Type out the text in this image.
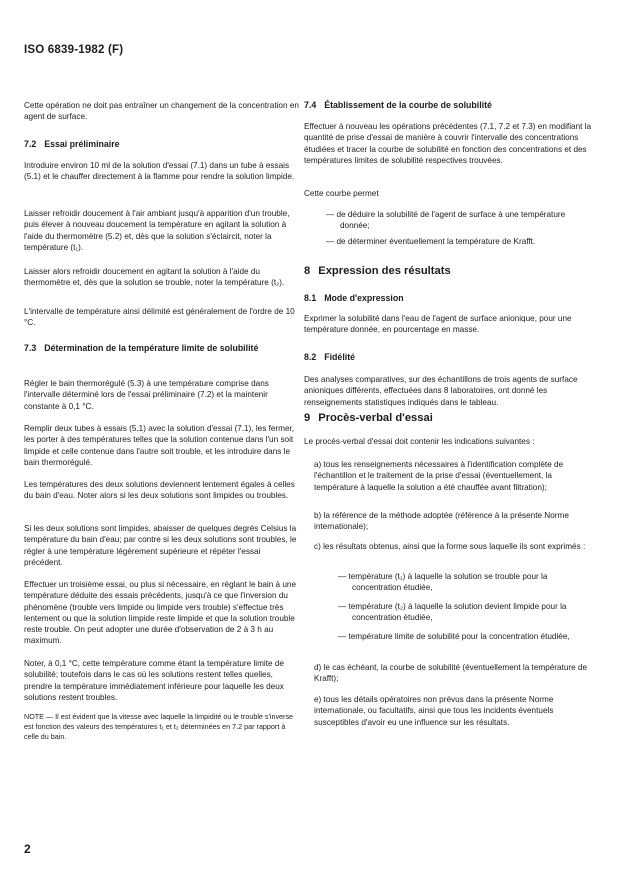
ISO 6839-1982 (F)

Cette opération ne doit pas entraîner un changement de la concentration en agent de surface.

7.2 Essai préliminaire

Introduire environ 10 ml de la solution d'essai (7.1) dans un tube à essais (5.1) et le chauffer directement à la flamme pour rendre la solution limpide.

Laisser refroidir doucement à l'air ambiant jusqu'à apparition d'un trouble, puis élever à nouveau doucement la température en agitant la solution à l'aide du thermomètre (5.2) et, dès que la solution s'éclaircit, noter la température (t₁).

Laisser alors refroidir doucement en agitant la solution à l'aide du thermomètre et, dès que la solution se trouble, noter la température (t₂).

L'intervalle de température ainsi délimité est généralement de l'ordre de 10 °C.

7.3 Détermination de la température limite de solubilité

Régler le bain thermorégulé (5.3) à une température comprise dans l'intervalle déterminé lors de l'essai préliminaire (7.2) et la maintenir constante à 0,1 °C.

Remplir deux tubes à essais (5.1) avec la solution d'essai (7.1), les fermer, les porter à des températures telles que la solution contenue dans l'un soit limpide et celle contenue dans l'autre soit trouble, et les introduire dans le bain thermorégulé.

Les températures des deux solutions deviennent lentement égales à celles du bain d'eau. Noter alors si les deux solutions sont limpides ou troubles.

Si les deux solutions sont limpides, abaisser de quelques degrés Celsius la température du bain d'eau; par contre si les deux solutions sont troubles, le régler à une température légèrement supérieure et répéter l'essai précédent.

Effectuer un troisième essai, ou plus si nécessaire, en réglant le bain à une température déduite des essais précédents, jusqu'à ce que l'inversion du phénomène (trouble vers limpide ou limpide vers trouble) s'effectue très lentement ou que la solution limpide reste limpide et que la solution trouble reste trouble. On peut adopter une durée d'observation de 2 à 3 h au maximum.

Noter, à 0,1 °C, cette température comme étant la température limite de solubilité; toutefois dans le cas où les solutions restent telles quelles, prendre la température immédiatement inférieure pour laquelle les deux solutions restent troubles.

NOTE — Il est évident que la vitesse avec laquelle la limpidité ou le trouble s'inverse est fonction des valeurs des températures t₁ et t₂ déterminées en 7.2 par rapport à celle du bain.

7.4 Établissement de la courbe de solubilité

Effectuer à nouveau les opérations précédentes (7.1, 7.2 et 7.3) en modifiant la quantité de prise d'essai de manière à couvrir l'intervalle des concentrations étudiées et tracer la courbe de solubilité en fonction des concentrations et des températures limites de solubilité respectives trouvées.

Cette courbe permet

— de déduire la solubilité de l'agent de surface à une température donnée;

— de déterminer éventuellement la température de Krafft.

8 Expression des résultats
8.1 Mode d'expression

Exprimer la solubilité dans l'eau de l'agent de surface anionique, pour une température donnée, en pourcentage en masse.

8.2 Fidélité

Des analyses comparatives, sur des échantillons de trois agents de surface anioniques différents, effectuées dans 8 laboratoires, ont donné les renseignements statistiques indiqués dans le tableau.

9 Procès-verbal d'essai

Le procès-verbal d'essai doit contenir les indications suivantes :

a) tous les renseignements nécessaires à l'identification complète de l'échantillon et le traitement de la prise d'essai (éventuellement, la température à laquelle la solution a été chauffée avant filtration);

b) la référence de la méthode adoptée (référence à la présente Norme internationale);

c) les résultats obtenus, ainsi que la forme sous laquelle ils sont exprimés :

— température (t₁) à laquelle la solution se trouble pour la concentration étudiée,

— température (t₂) à laquelle la solution devient limpide pour la concentration étudiée,

— température limite de solubilité pour la concentration étudiée,

d) le cas échéant, la courbe de solubilité (éventuellement la température de Krafft);

e) tous les détails opératoires non prévus dans la présente Norme internationale, ou facultatifs, ainsi que tous les incidents éventuels susceptibles d'avoir eu une influence sur les résultats.

2
